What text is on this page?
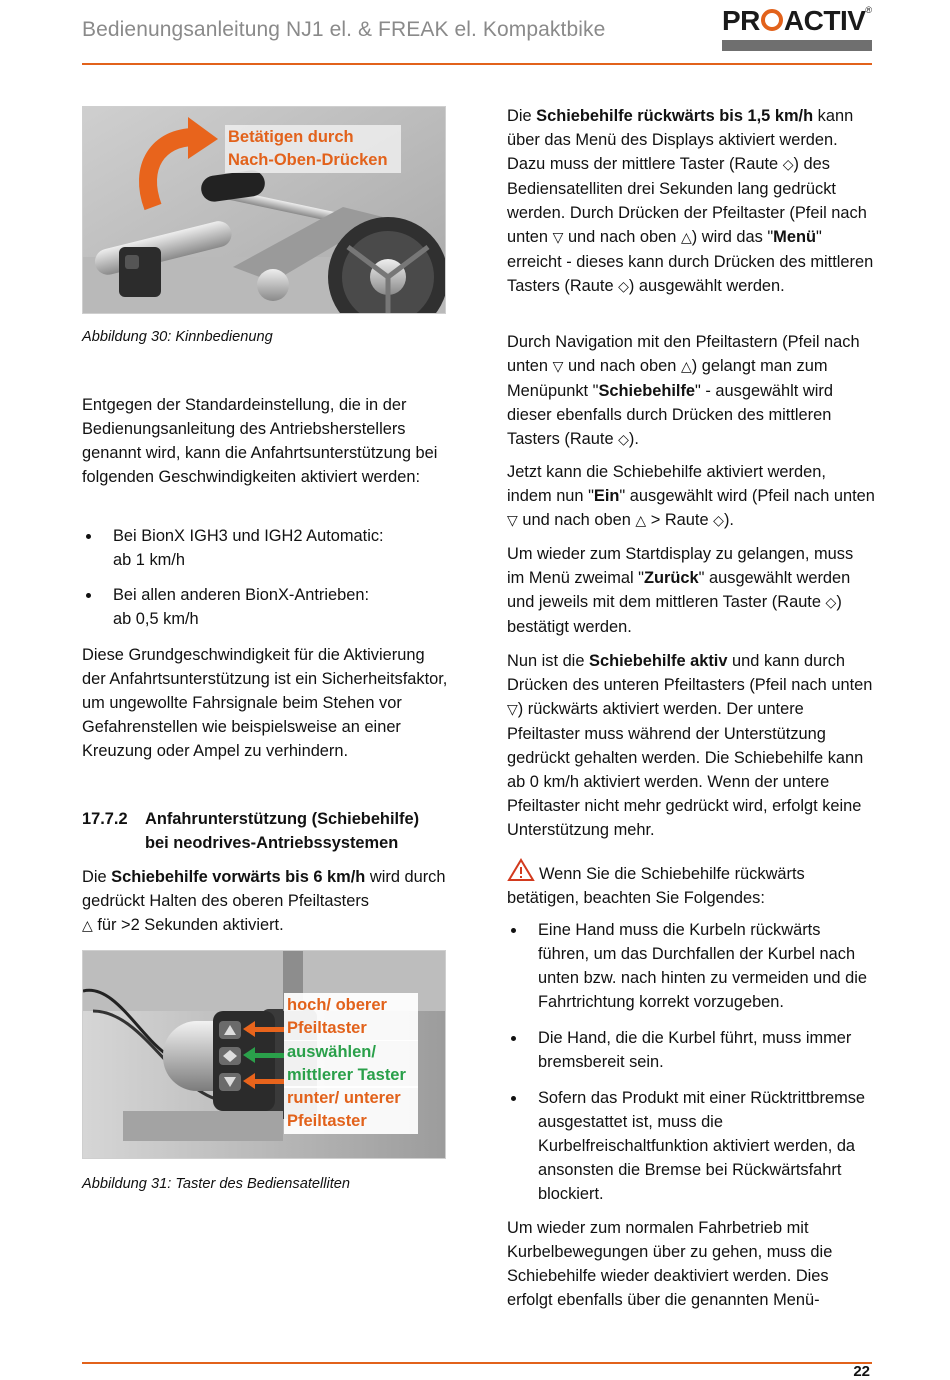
Bedienungsanleitung NJ1 el. & FREAK el. Kompaktbike	PR ACTIV®
Betätigen durch Nach-Oben-Drücken

Abbildung 30: Kinnbedienung

Entgegen der Standardeinstellung, die in der Bedienungsanleitung des Antriebsherstellers genannt wird, kann die Anfahrtsunterstützung bei folgenden Geschwindigkeiten aktiviert werden:

Bei BionX IGH3 und IGH2 Automatic:
ab 1 km/h
Bei allen anderen BionX-Antrieben:
ab 0,5 km/h

Diese Grundgeschwindigkeit für die Aktivierung der Anfahrtsunterstützung ist ein Sicherheitsfaktor, um ungewollte Fahrsignale beim Stehen vor Gefahrenstellen wie beispielsweise an einer Kreuzung oder Ampel zu verhindern.

17.7.2	Anfahrunterstützung (Schiebehilfe)
bei neodrives-Antriebssystemen

Die Schiebehilfe vorwärts bis 6 km/h wird durch gedrückt Halten des oberen Pfeiltasters
△ für >2 Sekunden aktiviert.

hoch/ oberer Pfeiltaster
auswählen/ mittlerer Taster
runter/ unterer Pfeiltaster

Abbildung 31: Taster des Bediensatelliten

Die Schiebehilfe rückwärts bis 1,5 km/h kann über das Menü des Displays aktiviert werden. Dazu muss der mittlere Taster (Raute ◇) des Bediensatelliten drei Sekunden lang gedrückt werden. Durch Drücken der Pfeiltaster (Pfeil nach unten ▽ und nach oben △) wird das "Menü" erreicht - dieses kann durch Drücken des mittleren Tasters (Raute ◇) ausgewählt werden.

Durch Navigation mit den Pfeiltastern (Pfeil nach unten ▽ und nach oben △) gelangt man zum Menüpunkt "Schiebehilfe" - ausgewählt wird dieser ebenfalls durch Drücken des mittleren Tasters (Raute ◇).

Jetzt kann die Schiebehilfe aktiviert werden, indem nun "Ein" ausgewählt wird (Pfeil nach unten ▽ und nach oben △ > Raute ◇).

Um wieder zum Startdisplay zu gelangen, muss im Menü zweimal "Zurück" ausgewählt werden und jeweils mit dem mittleren Taster (Raute ◇) bestätigt werden.

Nun ist die Schiebehilfe aktiv und kann durch Drücken des unteren Pfeiltasters (Pfeil nach unten ▽) rückwärts aktiviert werden. Der untere Pfeiltaster muss während der Unterstützung gedrückt gehalten werden. Die Schiebehilfe kann ab 0 km/h aktiviert werden. Wenn der untere Pfeiltaster nicht mehr gedrückt wird, erfolgt keine Unterstützung mehr.

Wenn Sie die Schiebehilfe rückwärts betätigen, beachten Sie Folgendes:

Eine Hand muss die Kurbeln rückwärts führen, um das Durchfallen der Kurbel nach unten bzw. nach hinten zu vermeiden und die Fahrtrichtung korrekt vorzugeben.
Die Hand, die die Kurbel führt, muss immer bremsbereit sein.
Sofern das Produkt mit einer Rücktrittbremse ausgestattet ist, muss die Kurbelfreischaltfunktion aktiviert werden, da ansonsten die Bremse bei Rückwärtsfahrt blockiert.

Um wieder zum normalen Fahrbetrieb mit Kurbelbewegungen über zu gehen, muss die Schiebehilfe wieder deaktiviert werden. Dies erfolgt ebenfalls über die genannten Menü-

22
